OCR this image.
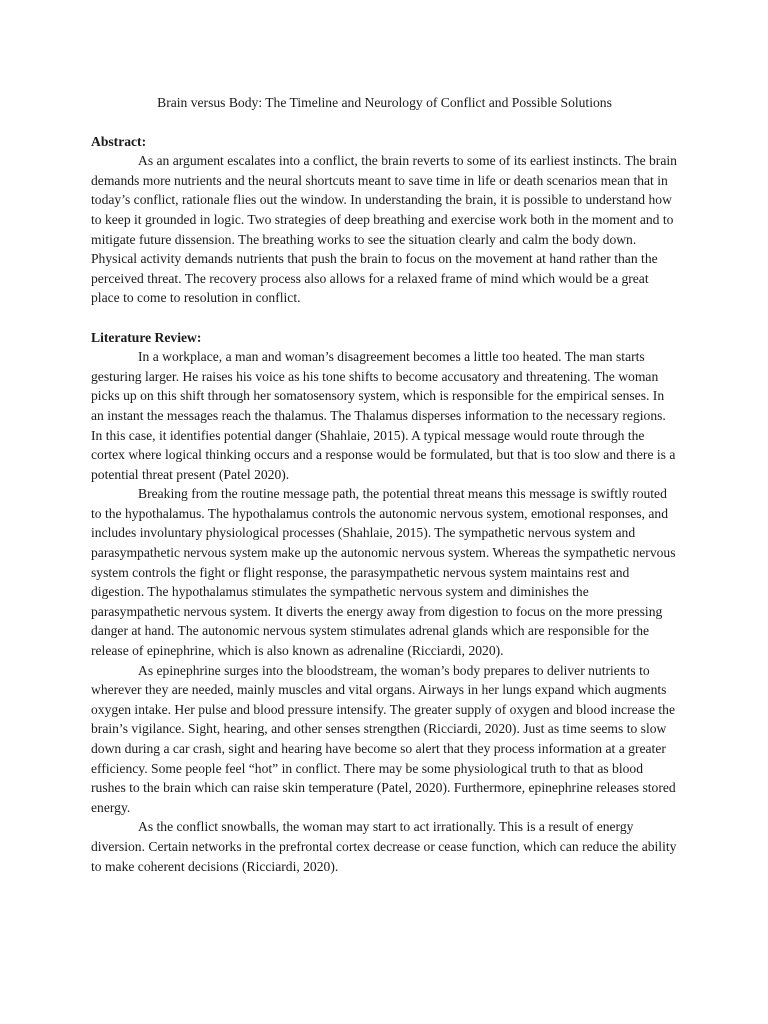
Brain versus Body: The Timeline and Neurology of Conflict and Possible Solutions

Abstract:

As an argument escalates into a conflict, the brain reverts to some of its earliest instincts. The brain demands more nutrients and the neural shortcuts meant to save time in life or death scenarios mean that in today’s conflict, rationale flies out the window. In understanding the brain, it is possible to understand how to keep it grounded in logic. Two strategies of deep breathing and exercise work both in the moment and to mitigate future dissension. The breathing works to see the situation clearly and calm the body down. Physical activity demands nutrients that push the brain to focus on the movement at hand rather than the perceived threat. The recovery process also allows for a relaxed frame of mind which would be a great place to come to resolution in conflict.

Literature Review:

In a workplace, a man and woman’s disagreement becomes a little too heated. The man starts gesturing larger. He raises his voice as his tone shifts to become accusatory and threatening. The woman picks up on this shift through her somatosensory system, which is responsible for the empirical senses. In an instant the messages reach the thalamus. The Thalamus disperses information to the necessary regions. In this case, it identifies potential danger (Shahlaie, 2015). A typical message would route through the cortex where logical thinking occurs and a response would be formulated, but that is too slow and there is a potential threat present (Patel 2020).

Breaking from the routine message path, the potential threat means this message is swiftly routed to the hypothalamus. The hypothalamus controls the autonomic nervous system, emotional responses, and includes involuntary physiological processes (Shahlaie, 2015). The sympathetic nervous system and parasympathetic nervous system make up the autonomic nervous system. Whereas the sympathetic nervous system controls the fight or flight response, the parasympathetic nervous system maintains rest and digestion. The hypothalamus stimulates the sympathetic nervous system and diminishes the parasympathetic nervous system. It diverts the energy away from digestion to focus on the more pressing danger at hand. The autonomic nervous system stimulates adrenal glands which are responsible for the release of epinephrine, which is also known as adrenaline (Ricciardi, 2020).

As epinephrine surges into the bloodstream, the woman’s body prepares to deliver nutrients to wherever they are needed, mainly muscles and vital organs. Airways in her lungs expand which augments oxygen intake. Her pulse and blood pressure intensify. The greater supply of oxygen and blood increase the brain’s vigilance. Sight, hearing, and other senses strengthen (Ricciardi, 2020). Just as time seems to slow down during a car crash, sight and hearing have become so alert that they process information at a greater efficiency. Some people feel “hot” in conflict. There may be some physiological truth to that as blood rushes to the brain which can raise skin temperature (Patel, 2020). Furthermore, epinephrine releases stored energy.

As the conflict snowballs, the woman may start to act irrationally. This is a result of energy diversion. Certain networks in the prefrontal cortex decrease or cease function, which can reduce the ability to make coherent decisions (Ricciardi, 2020).
